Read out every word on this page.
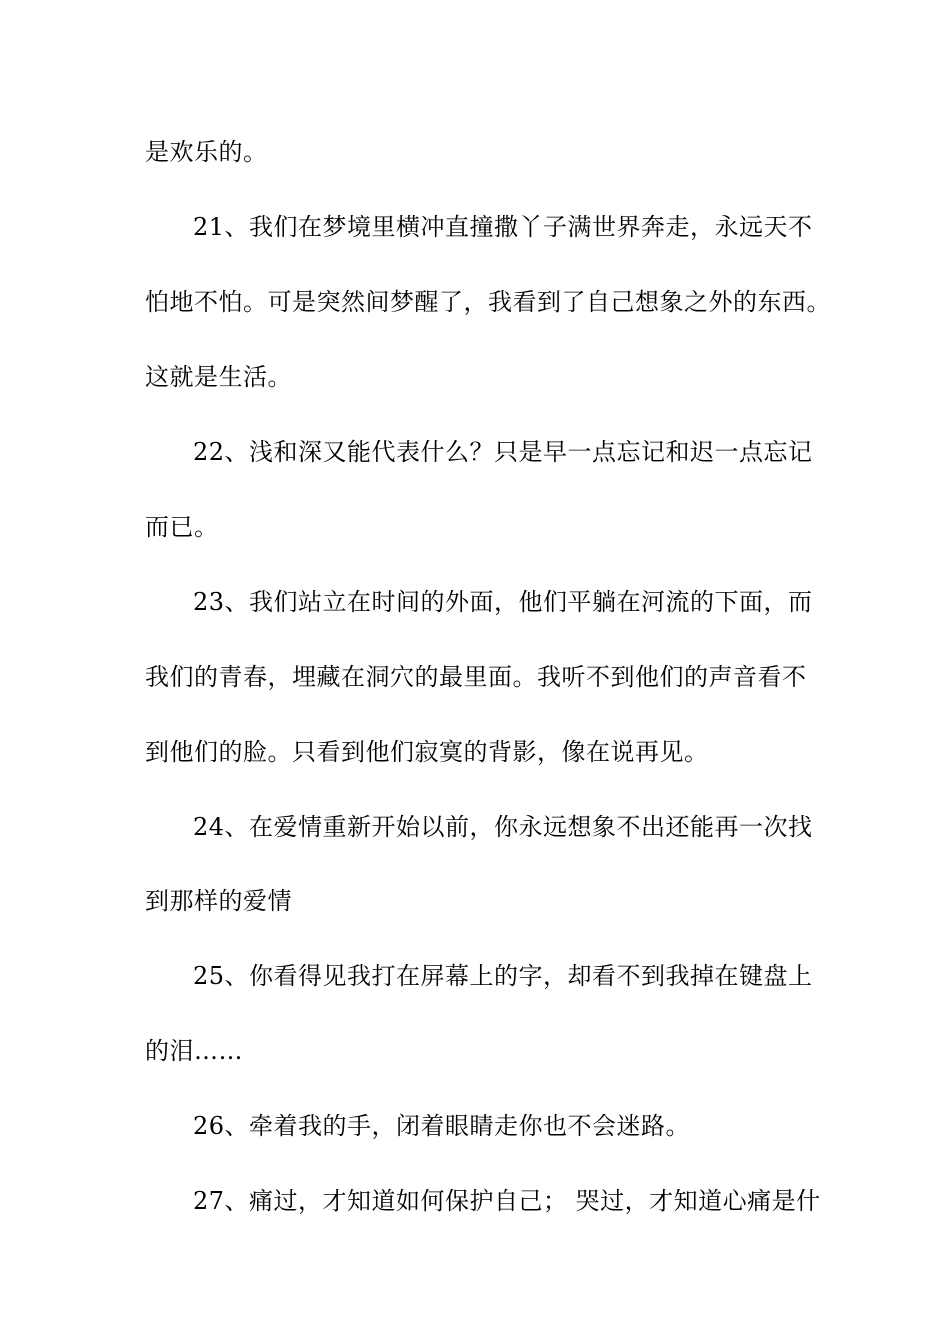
是欢乐的。
21、我们在梦境里横冲直撞撒丫子满世界奔走，永远天不
怕地不怕。可是突然间梦醒了，我看到了自己想象之外的东西。
这就是生活。
22、浅和深又能代表什么？只是早一点忘记和迟一点忘记
而已。
23、我们站立在时间的外面，他们平躺在河流的下面，而
我们的青春，埋藏在洞穴的最里面。我听不到他们的声音看不
到他们的脸。只看到他们寂寞的背影，像在说再见。
24、在爱情重新开始以前，你永远想象不出还能再一次找
到那样的爱情
25、你看得见我打在屏幕上的字，却看不到我掉在键盘上
的泪……
26、牵着我的手，闭着眼睛走你也不会迷路。
27、痛过，才知道如何保护自己； 哭过，才知道心痛是什
